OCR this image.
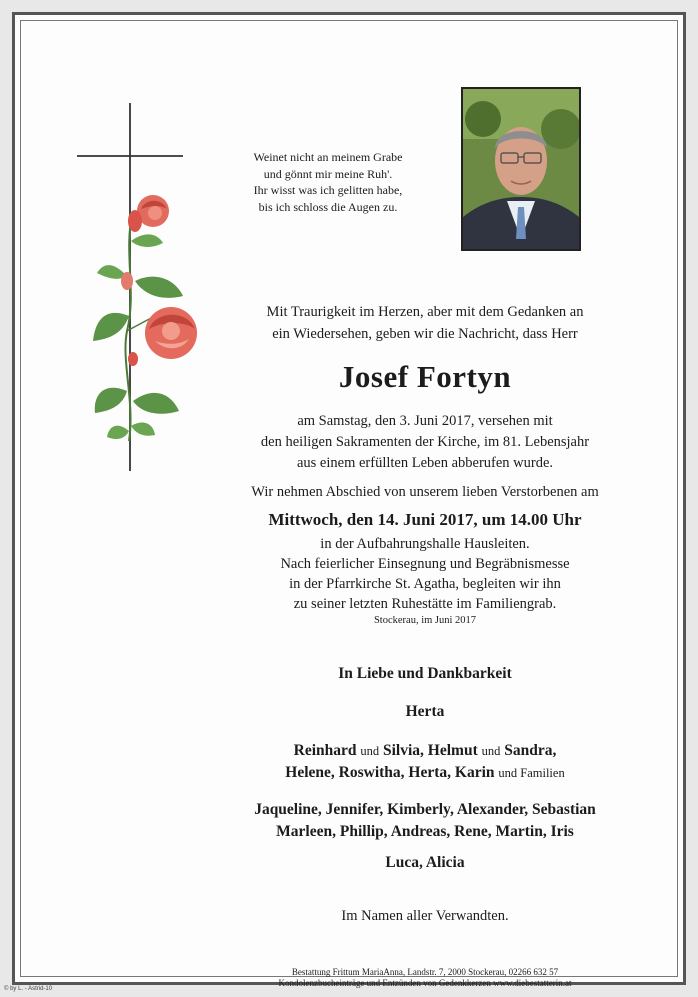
Weinet nicht an meinem Grabe
und gönnt mir meine Ruh'.
Ihr wisst was ich gelitten habe,
bis ich schloss die Augen zu.
Mit Traurigkeit im Herzen, aber mit dem Gedanken an
ein Wiedersehen, geben wir die Nachricht, dass Herr
Josef Fortyn
am Samstag, den 3. Juni 2017, versehen mit
den heiligen Sakramenten der Kirche, im 81. Lebensjahr
aus einem erfüllten Leben abberufen wurde.
Wir nehmen Abschied von unserem lieben Verstorbenen am
Mittwoch, den 14. Juni 2017, um 14.00 Uhr
in der Aufbahrungshalle Hausleiten.
Nach feierlicher Einsegnung und Begräbnismesse
in der Pfarrkirche St. Agatha, begleiten wir ihn
zu seiner letzten Ruhestätte im Familiengrab.
Stockerau, im Juni 2017
In Liebe und Dankbarkeit
Herta
Reinhard und Silvia, Helmut und Sandra,
Helene, Roswitha, Herta, Karin und Familien
Jaqueline, Jennifer, Kimberly, Alexander, Sebastian
Marleen, Phillip, Andreas, Rene, Martin, Iris
Luca, Alicia
Im Namen aller Verwandten.
Bestattung Frittum MariaAnna, Landstr. 7, 2000 Stockerau, 02266 632 57
Kondolenzbucheinträge und Entzünden von Gedenkkerzen www.diebestatterin.at
© by L. - Astrid-10
